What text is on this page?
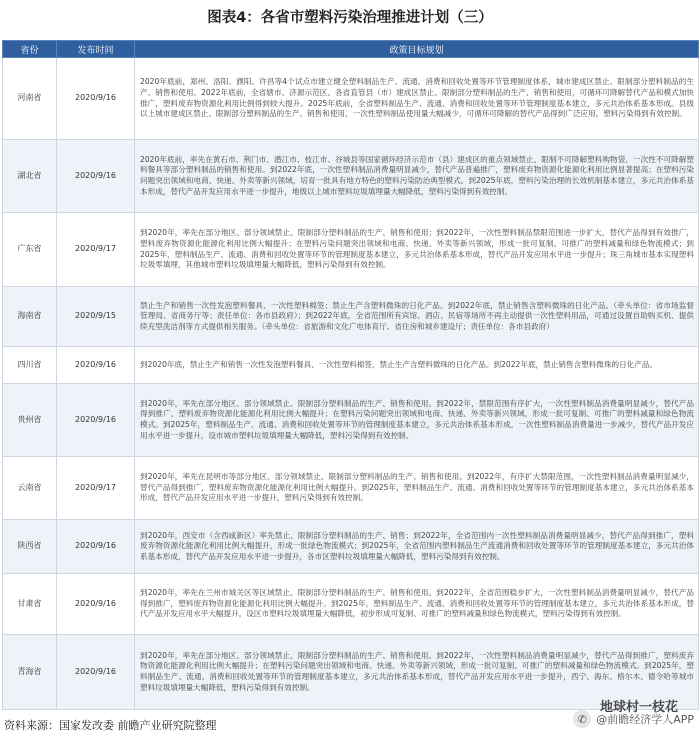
图表4：各省市塑料污染治理推进计划（三）
省份	发布时间	政策目标规划
河南省	2020/9/16	2020年底前，郑州、洛阳、濮阳、许昌等4个试点市建立健全塑料制品生产、流通、消费和回收处置等环节管理制度体系，城市建成区禁止、限制部分塑料制品的生产、销售和使用。2022年底前，全省辖市、济源示范区、各省直管县（市）建成区禁止、限制部分塑料制品的生产、销售和使用，可循环可降解替代产品和模式加快推广，塑料废弃物资源化利用比例得到较大提升。2025年底前，全省塑料制品生产、流通、消费和回收处置等环节管理制度基本建立，多元共治体系基本形成。县级以上城市建成区禁止、限制部分塑料制品的生产、销售和使用，一次性塑料制品使用量大幅减少，可循环可降解的替代产品得到广泛应用，塑料污染得到有效控制。
湖北省	2020/9/16	2020年底前，率先在黄石市、荆门市、潜江市、枝江市、谷城县等国家循环经济示范市（县）建成区的重点领域禁止、限制不可降解塑料购物袋、一次性不可降解塑料餐具等部分塑料制品的销售和使用。到2022年底，一次性塑料制品消费量明显减少，替代产品普遍推广，塑料废弃物资源化能源化利用比例显著提高；在塑料污染问题突出领域和电商、快递、外卖等新兴领域，培育一批具有地方特色的塑料污染防治典型模式。到2025年底，塑料污染治理的长效机制基本建立，多元共治体系基本形成，替代产品开发应用水平进一步提升，地级以上城市塑料垃圾填埋量大幅降低，塑料污染得到有效控制。
广东省	2020/9/17	到2020年，率先在部分地区、部分领域禁止、限制部分塑料制品的生产、销售和使用；到2022年，一次性塑料制品禁限范围进一步扩大，替代产品得到有效推广，塑料废弃物资源化能源化利用比例大幅提升；在塑料污染问题突出领域和电商、快递、外卖等新兴领域，形成一批可复制、可推广的塑料减量和绿色物流模式；到2025年，塑料制品生产、流通、消费和回收处置等环节的管理制度基本建立，多元共治体系基本形成，替代产品开发应用水平进一步提升；珠三角城市基本实现塑料垃圾零填埋，其他城市塑料垃圾填埋量大幅降低，塑料污染得到有效控制。
海南省	2020/9/15	禁止生产和销售一次性发泡塑料餐具、一次性塑料棉签；禁止生产含塑料微珠的日化产品。到2022年底，禁止销售含塑料微珠的日化产品。（牵头单位：省市场监督管理局、省商务厅等；责任单位：各市县政府）；到2022年底，全省范围所有宾馆、酒店、民宿等场所不再主动提供一次性塑料用品，可通过设置自助购买机、提供续充型洗洁剂等方式提供相关服务。（牵头单位：省旅游和文化广电体育厅、省住房和城乡建设厅；责任单位：各市县政府）
四川省	2020/9/16	到2020年底，禁止生产和销售一次性发泡塑料餐具、一次性塑料棉签，禁止生产含塑料微珠的日化产品。到2022年底，禁止销售含塑料微珠的日化产品。
贵州省	2020/9/16	到2020年，率先在部分地区、部分领域禁止、限制部分塑料制品的生产、销售和使用。到2022年，禁限范围有序扩大，一次性塑料制品消费量明显减少，替代产品得到推广，塑料废弃物资源化能源化利用比例大幅提升；在塑料污染问题突出领域和电商、快递、外卖等新兴领域，形成一批可复制、可推广的塑料减量和绿色物流模式。到2025年，塑料制品生产、流通、消费和回收处置等环节的管理制度基本建立，多元共治体系基本形成，一次性塑料制品消费量进一步减少，替代产品开发应用水平进一步提升，设市城市塑料垃圾填埋量大幅降低，塑料污染得到有效控制。
云南省	2020/9/17	到2020年，率先在昆明市等部分地区、部分领域禁止、限制部分塑料制品的生产、销售和使用。到2022年，有序扩大禁限范围，一次性塑料制品消费量明显减少，替代产品得到推广，塑料废弃物资源化能源化利用比例大幅提升。到2025年，塑料制品生产、流通、消费和回收处置等环节的管理制度基本建立，多元共治体系基本形成，替代产品开发应用水平进一步提升，塑料污染得到有效控制。
陕西省	2020/9/16	到2020年，西安市（含西咸新区）率先禁止、限制部分塑料制品的生产、销售；到2022年，全省范围内一次性塑料制品消费量明显减少，替代产品得到推广，塑料废弃物资源化能源化利用比例大幅提升，形成一批绿色物流模式；到2025年，全省范围内塑料制品生产流通消费和回收处置等环节的管理制度基本建立，多元共治体系基本形成，替代产品开发应用水平进一步提升，各市区塑料垃圾填埋量大幅降低，塑料污染得到有效控制。
甘肃省	2020/9/16	到2020年，率先在兰州市城关区等区域禁止、限制部分塑料制品的生产、销售和使用。到2022年，全省范围稳步扩大，一次性塑料制品消费量明显减少，替代产品得到推广，塑料废弃物资源化能源化利用比例大幅提升。到2025年，塑料制品生产、流通、消费和回收处置等环节的管理制度基本建立，多元共治体系基本形成，替代产品开发应用水平大幅提升，设区市塑料垃圾填埋量大幅降低，初步形成可复制、可推广的塑料减量和绿色物流模式，塑料污染得到有效控制。
青海省	2020/9/16	到2020年，率先在部分地区、部分领域禁止、限制部分塑料制品的生产、销售和使用。到2022年，一次性塑料制品消费量明显减少，替代产品得到推广，塑料废弃物资源化能源化利用比例大幅提升；在塑料污染问题突出领域和电商、快递、外卖等新兴领域，形成一批可复制、可推广的塑料减量和绿色物流模式。到2025年，塑料制品生产、流通、消费和回收处置等环节的管理制度基本建立，多元共治体系基本形成，替代产品开发应用水平进一步提升，西宁、海东、格尔木、德令哈等城市塑料垃圾填埋量大幅降低，塑料污染得到有效控制。
资料来源：国家发改委 前瞻产业研究院整理
地球村一枝花
✆ @前瞻经济学人APP
